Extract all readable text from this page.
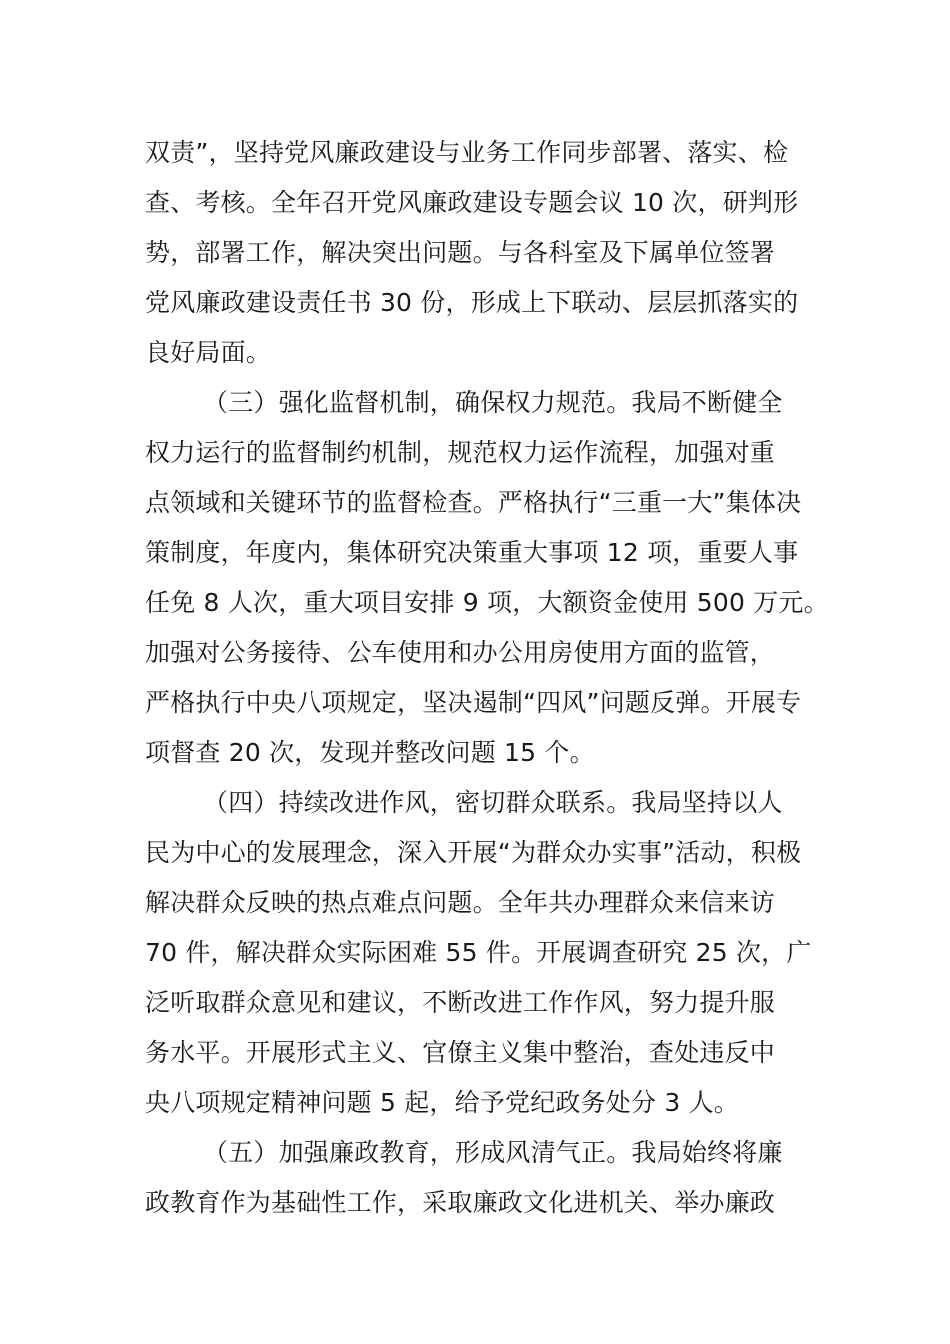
双责”，坚持党风廉政建设与业务工作同步部署、落实、检
查、考核。全年召开党风廉政建设专题会议 10 次，研判形
势，部署工作，解决突出问题。与各科室及下属单位签署
党风廉政建设责任书 30 份，形成上下联动、层层抓落实的
良好局面。
（三）强化监督机制，确保权力规范。我局不断健全
权力运行的监督制约机制，规范权力运作流程，加强对重
点领域和关键环节的监督检查。严格执行“三重一大”集体决
策制度，年度内，集体研究决策重大事项 12 项，重要人事
任免 8 人次，重大项目安排 9 项，大额资金使用 500 万元。
加强对公务接待、公车使用和办公用房使用方面的监管，
严格执行中央八项规定，坚决遏制“四风”问题反弹。开展专
项督查 20 次，发现并整改问题 15 个。
（四）持续改进作风，密切群众联系。我局坚持以人
民为中心的发展理念，深入开展“为群众办实事”活动，积极
解决群众反映的热点难点问题。全年共办理群众来信来访
70 件，解决群众实际困难 55 件。开展调查研究 25 次，广
泛听取群众意见和建议，不断改进工作作风，努力提升服
务水平。开展形式主义、官僚主义集中整治，查处违反中
央八项规定精神问题 5 起，给予党纪政务处分 3 人。
（五）加强廉政教育，形成风清气正。我局始终将廉
政教育作为基础性工作，采取廉政文化进机关、举办廉政
